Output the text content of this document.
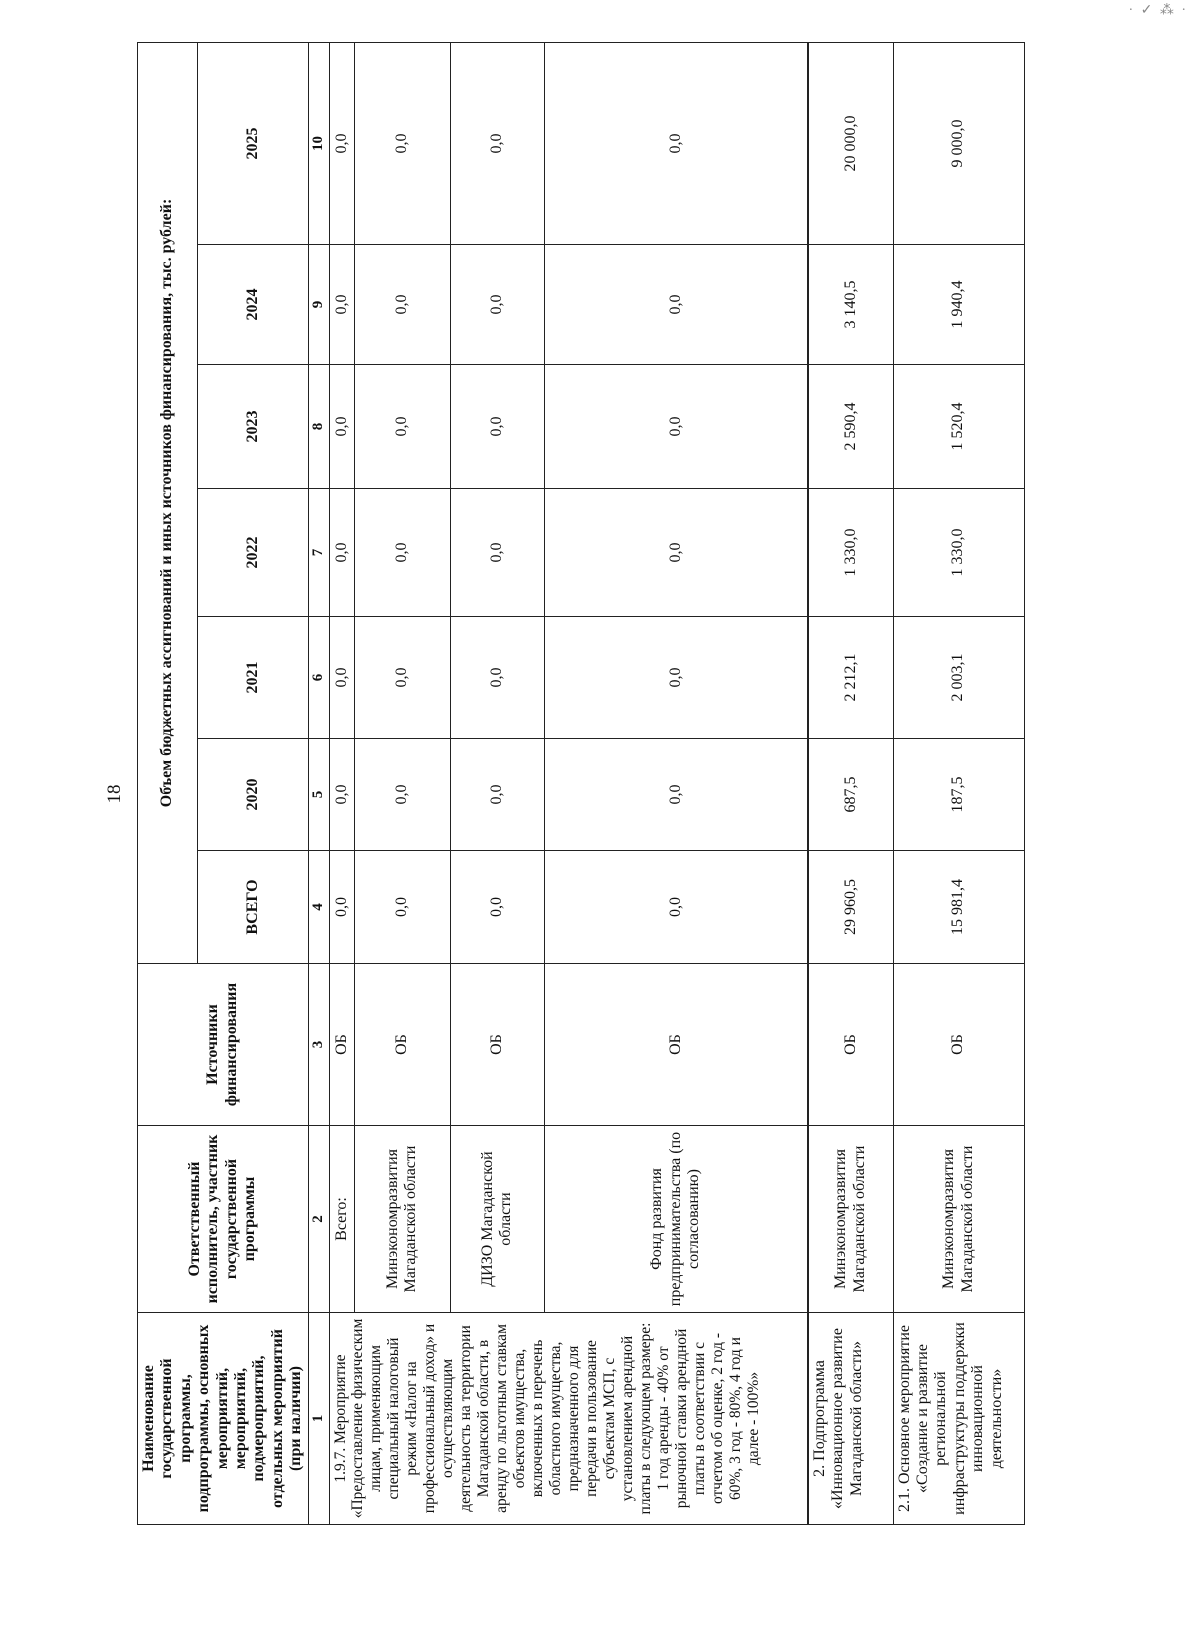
· ✓ ⁂ ·
18
Наименование государственной программы, подпрограммы, основных мероприятий, мероприятий, подмероприятий, отдельных мероприятий (при наличии)	Ответственный исполнитель, участник государственной программы	Источники финансирования	Объем бюджетных ассигнований и иных источников финансирования, тыс. рублей:						
			ВСЕГО	2020	2021	2022	2023	2024	2025
1	2	3	4	5	6	7	8	9	10
1.9.7. Мероприятие «Предоставление физическим лицам, применяющим специальный налоговый режим «Налог на профессиональный доход» и осуществляющим деятельность на территории Магаданской области, в аренду по льготным ставкам объектов имущества, включенных в перечень областного имущества, предназначенного для передачи в пользование субъектам МСП, с установлением арендной платы в следующем размере: 1 год аренды - 40% от рыночной ставки арендной платы в соответствии с отчетом об оценке, 2 год - 60%, 3 год - 80%, 4 год и далее - 100%»	Всего:	ОБ	0,0	0,0	0,0	0,0	0,0	0,0	0,0
	Минэкономразвития Магаданской области	ОБ	0,0	0,0	0,0	0,0	0,0	0,0	0,0
	ДИЗО Магаданской области	ОБ	0,0	0,0	0,0	0,0	0,0	0,0	0,0
	Фонд развития предпринимательства (по согласованию)	ОБ	0,0	0,0	0,0	0,0	0,0	0,0	0,0
2. Подпрограмма «Инновационное развитие Магаданской области»	Минэкономразвития Магаданской области	ОБ	29 960,5	687,5	2 212,1	1 330,0	2 590,4	3 140,5	20 000,0
2.1. Основное мероприятие «Создание и развитие региональной инфраструктуры поддержки инновационной деятельности»	Минэкономразвития Магаданской области	ОБ	15 981,4	187,5	2 003,1	1 330,0	1 520,4	1 940,4	9 000,0
